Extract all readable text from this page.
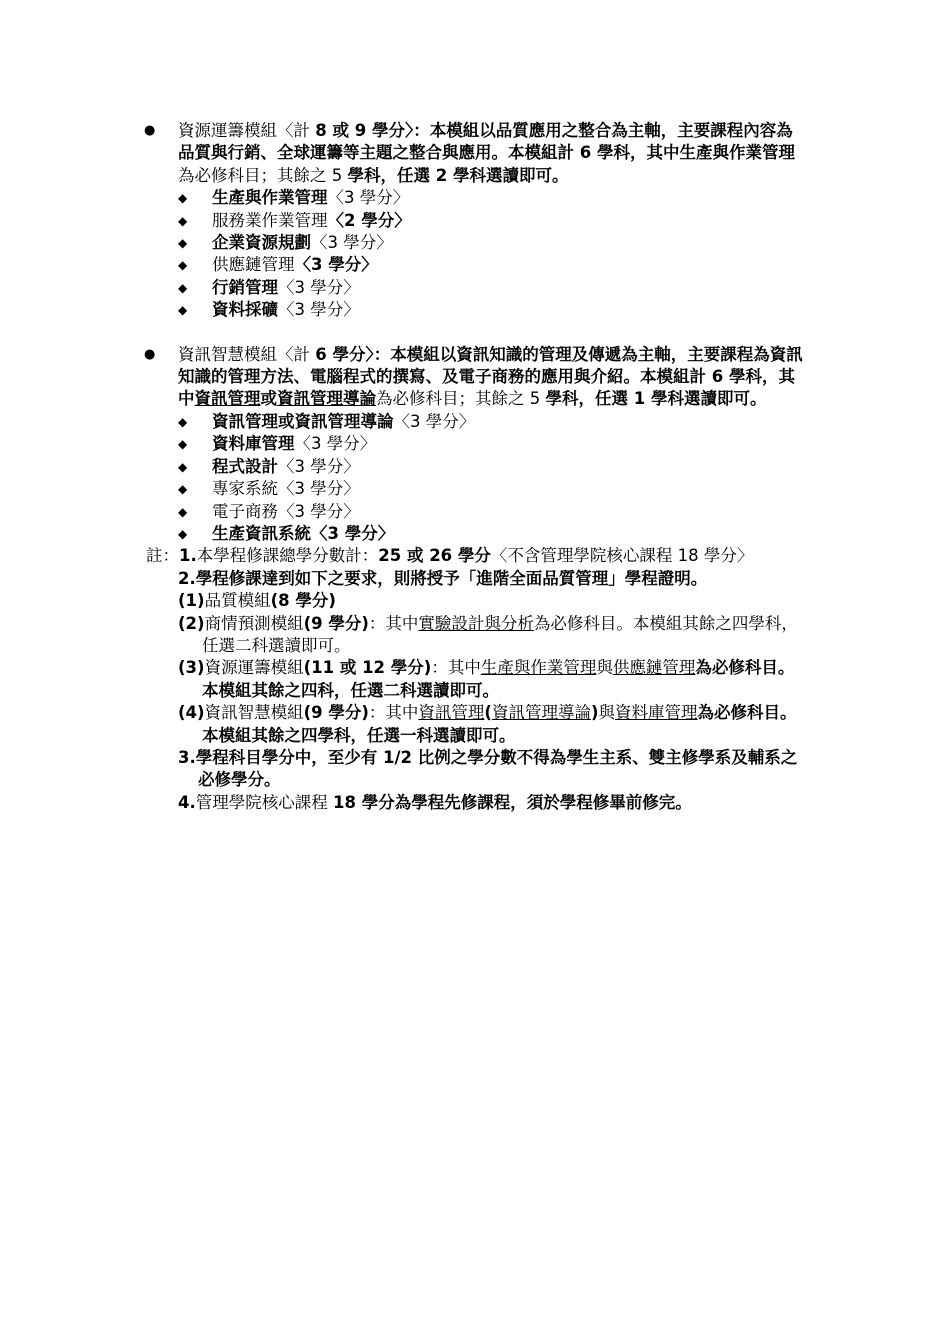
● 資源運籌模組〈計 8 或 9 學分〉：本模組以品質應用之整合為主軸，主要課程內容為品質與行銷、全球運籌等主題之整合與應用。本模組計 6 學科，其中生產與作業管理為必修科目；其餘之 5 學科，任選 2 學科選讀即可。
◆ 生產與作業管理〈3 學分〉
◆ 服務業作業管理〈2 學分〉
◆ 企業資源規劃〈3 學分〉
◆ 供應鏈管理〈3 學分〉
◆ 行銷管理〈3 學分〉
◆ 資料採礦〈3 學分〉
● 資訊智慧模組〈計 6 學分〉：本模組以資訊知識的管理及傳遞為主軸，主要課程為資訊知識的管理方法、電腦程式的撰寫、及電子商務的應用與介紹。本模組計 6 學科，其中資訊管理或資訊管理導論為必修科目；其餘之 5 學科，任選 1 學科選讀即可。
◆ 資訊管理或資訊管理導論〈3 學分〉
◆ 資料庫管理〈3 學分〉
◆ 程式設計〈3 學分〉
◆ 專家系統〈3 學分〉
◆ 電子商務〈3 學分〉
◆ 生產資訊系統〈3 學分〉
註：1.本學程修課總學分數計：25 或 26 學分〈不含管理學院核心課程 18 學分〉
2.學程修課達到如下之要求，則將授予「進階全面品質管理」學程證明。
(1)品質模組(8 學分)
(2)商情預測模組(9 學分)：其中實驗設計與分析為必修科目。本模組其餘之四學科，任選二科選讀即可。
(3)資源運籌模組(11 或 12 學分)：其中生產與作業管理與供應鏈管理為必修科目。本模組其餘之四科，任選二科選讀即可。
(4)資訊智慧模組(9 學分)：其中資訊管理(資訊管理導論)與資料庫管理為必修科目。本模組其餘之四學科，任選一科選讀即可。
3.學程科目學分中，至少有 1/2 比例之學分數不得為學生主系、雙主修學系及輔系之必修學分。
4.管理學院核心課程 18 學分為學程先修課程，須於學程修畢前修完。
